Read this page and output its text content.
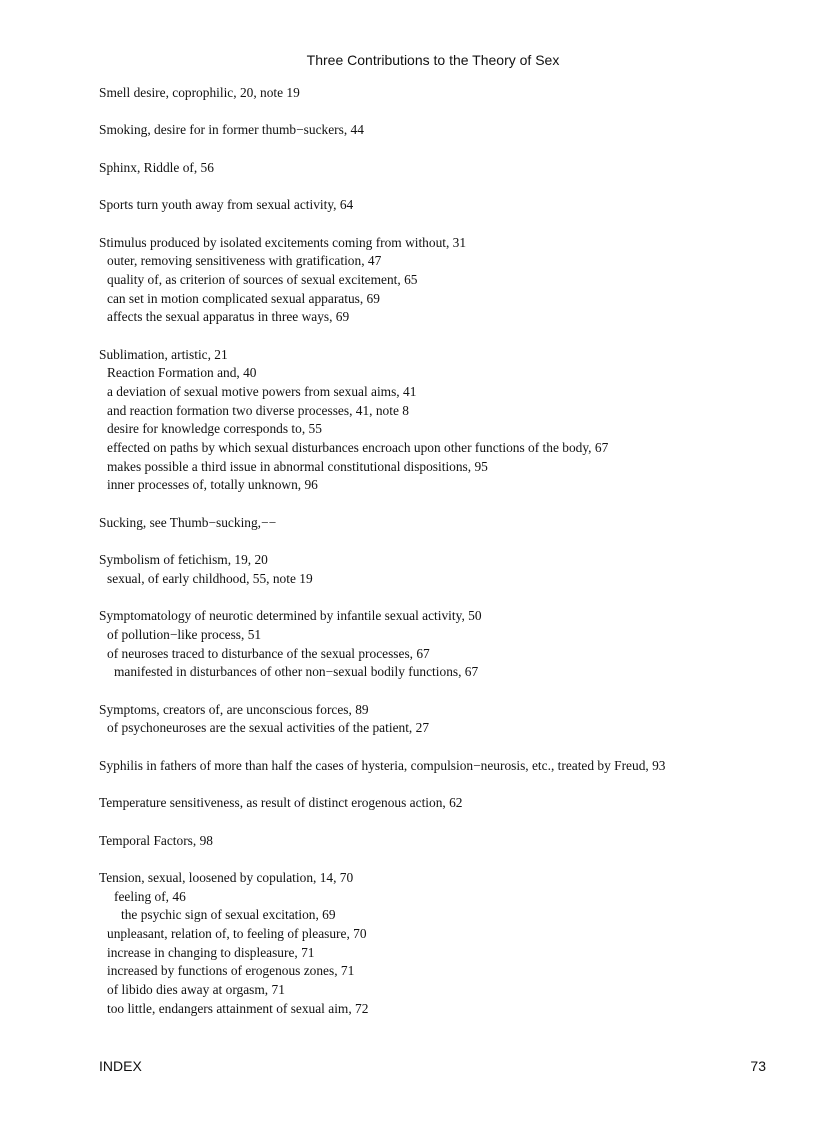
Three Contributions to the Theory of Sex
Smell desire, coprophilic, 20, note 19
Smoking, desire for in former thumb−suckers, 44
Sphinx, Riddle of, 56
Sports turn youth away from sexual activity, 64
Stimulus produced by isolated excitements coming from without, 31
outer, removing sensitiveness with gratification, 47
quality of, as criterion of sources of sexual excitement, 65
can set in motion complicated sexual apparatus, 69
affects the sexual apparatus in three ways, 69
Sublimation, artistic, 21
Reaction Formation and, 40
a deviation of sexual motive powers from sexual aims, 41
and reaction formation two diverse processes, 41, note 8
desire for knowledge corresponds to, 55
effected on paths by which sexual disturbances encroach upon other functions of the body, 67
makes possible a third issue in abnormal constitutional dispositions, 95
inner processes of, totally unknown, 96
Sucking, see Thumb−sucking,−−
Symbolism of fetichism, 19, 20
sexual, of early childhood, 55, note 19
Symptomatology of neurotic determined by infantile sexual activity, 50
of pollution−like process, 51
of neuroses traced to disturbance of the sexual processes, 67
manifested in disturbances of other non−sexual bodily functions, 67
Symptoms, creators of, are unconscious forces, 89
of psychoneuroses are the sexual activities of the patient, 27
Syphilis in fathers of more than half the cases of hysteria, compulsion−neurosis, etc., treated by Freud, 93
Temperature sensitiveness, as result of distinct erogenous action, 62
Temporal Factors, 98
Tension, sexual, loosened by copulation, 14, 70
feeling of, 46
the psychic sign of sexual excitation, 69
unpleasant, relation of, to feeling of pleasure, 70
increase in changing to displeasure, 71
increased by functions of erogenous zones, 71
of libido dies away at orgasm, 71
too little, endangers attainment of sexual aim, 72
INDEX	73
